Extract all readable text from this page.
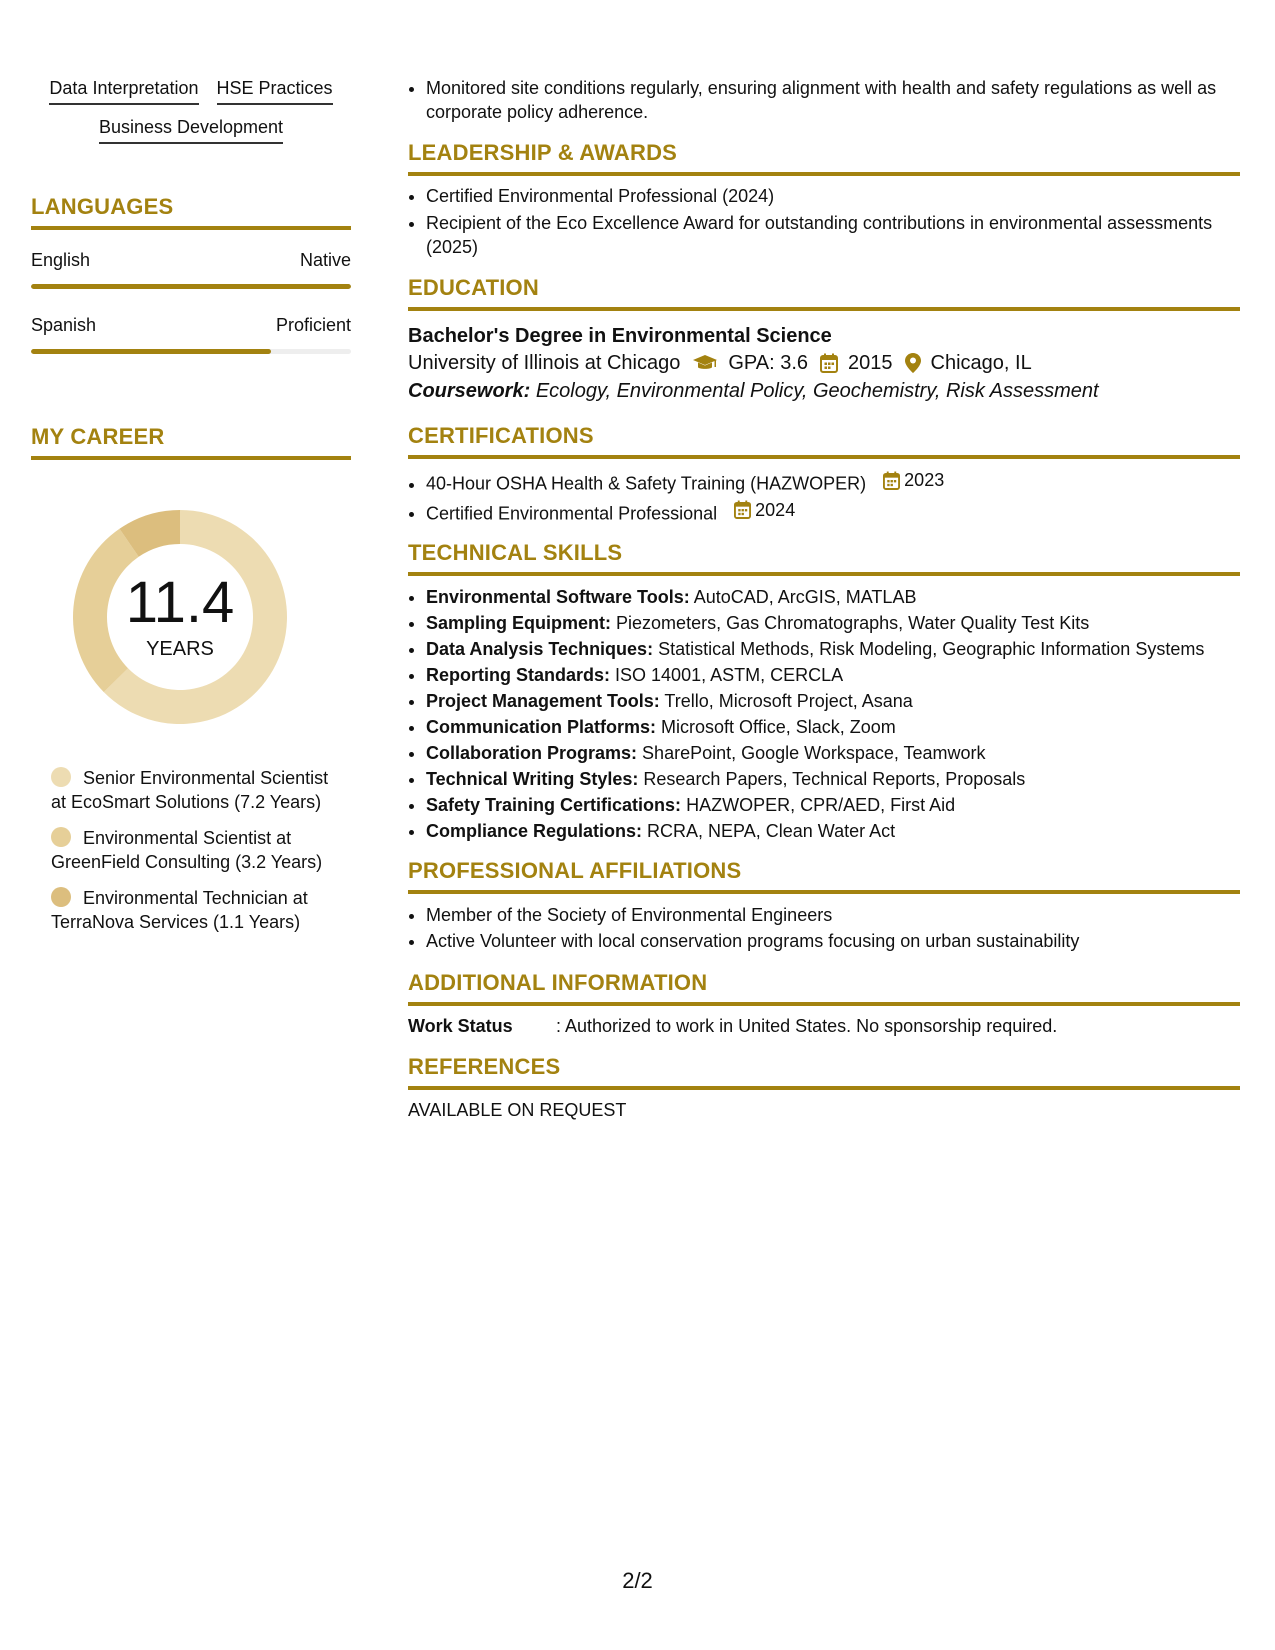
Data Interpretation HSE Practices
Business Development
LANGUAGES
English	Native
Spanish	Proficient
MY CAREER
11.4
YEARS
Senior Environmental Scientist at EcoSmart Solutions (7.2 Years)
Environmental Scientist at GreenField Consulting (3.2 Years)
Environmental Technician at TerraNova Services (1.1 Years)
• Monitored site conditions regularly, ensuring alignment with health and safety regulations as well as corporate policy adherence.
LEADERSHIP & AWARDS
• Certified Environmental Professional (2024)
• Recipient of the Eco Excellence Award for outstanding contributions in environmental assessments (2025)
EDUCATION
Bachelor's Degree in Environmental Science
University of Illinois at Chicago GPA: 3.6 2015 Chicago, IL
Coursework: Ecology, Environmental Policy, Geochemistry, Risk Assessment
CERTIFICATIONS
• 40-Hour OSHA Health & Safety Training (HAZWOPER) 2023
• Certified Environmental Professional 2024
TECHNICAL SKILLS
• Environmental Software Tools: AutoCAD, ArcGIS, MATLAB
• Sampling Equipment: Piezometers, Gas Chromatographs, Water Quality Test Kits
• Data Analysis Techniques: Statistical Methods, Risk Modeling, Geographic Information Systems
• Reporting Standards: ISO 14001, ASTM, CERCLA
• Project Management Tools: Trello, Microsoft Project, Asana
• Communication Platforms: Microsoft Office, Slack, Zoom
• Collaboration Programs: SharePoint, Google Workspace, Teamwork
• Technical Writing Styles: Research Papers, Technical Reports, Proposals
• Safety Training Certifications: HAZWOPER, CPR/AED, First Aid
• Compliance Regulations: RCRA, NEPA, Clean Water Act
PROFESSIONAL AFFILIATIONS
• Member of the Society of Environmental Engineers
• Active Volunteer with local conservation programs focusing on urban sustainability
ADDITIONAL INFORMATION
Work Status	: Authorized to work in United States. No sponsorship required.
REFERENCES
AVAILABLE ON REQUEST
2/2
